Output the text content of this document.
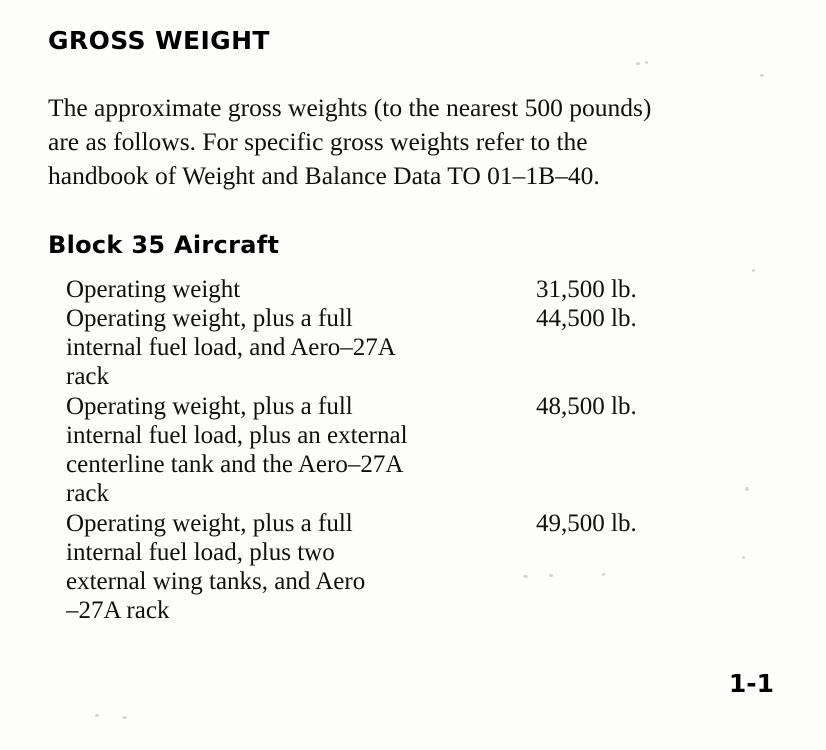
GROSS WEIGHT
The approximate gross weights (to the nearest 500 pounds)
are as follows. For specific gross weights refer to the
handbook of Weight and Balance Data TO 01–1B–40.
Block 35 Aircraft
Operating weight	31,500 lb.
Operating weight, plus a full
internal fuel load, and Aero–27A
rack
44,500 lb.
Operating weight, plus a full
internal fuel load, plus an external
centerline tank and the Aero–27A
rack
48,500 lb.
Operating weight, plus a full
internal fuel load, plus two
external wing tanks, and Aero
–27A rack
49,500 lb.
1-1
